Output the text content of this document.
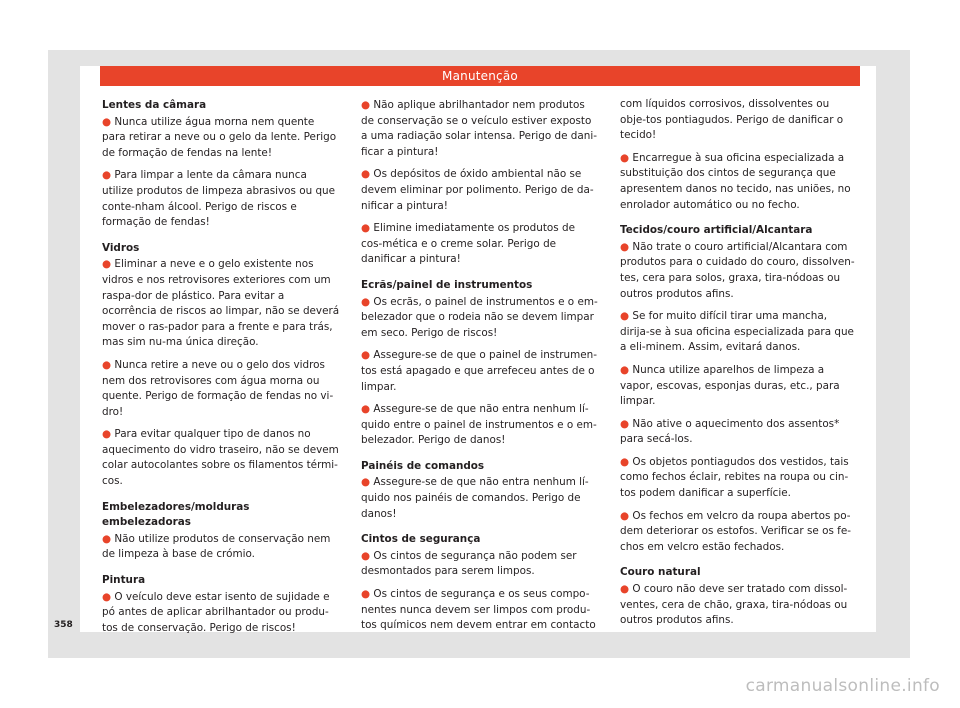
Manutenção
Lentes da câmara
● Nunca utilize água morna nem quente para retirar a neve ou o gelo da lente. Perigo de formação de fendas na lente!
● Para limpar a lente da câmara nunca utilize produtos de limpeza abrasivos ou que conte-nham álcool. Perigo de riscos e formação de fendas!
Vidros
● Eliminar a neve e o gelo existente nos vidros e nos retrovisores exteriores com um raspa-dor de plástico. Para evitar a ocorrência de riscos ao limpar, não se deverá mover o ras-pador para a frente e para trás, mas sim nu-ma única direção.
● Nunca retire a neve ou o gelo dos vidros nem dos retrovisores com água morna ou quente. Perigo de formação de fendas no vi-dro!
● Para evitar qualquer tipo de danos no aquecimento do vidro traseiro, não se devem colar autocolantes sobre os filamentos térmi-cos.
Embelezadores/molduras embelezadoras
● Não utilize produtos de conservação nem de limpeza à base de crómio.
Pintura
● O veículo deve estar isento de sujidade e pó antes de aplicar abrilhantador ou produ-tos de conservação. Perigo de riscos!
● Não aplique abrilhantador nem produtos de conservação se o veículo estiver exposto a uma radiação solar intensa. Perigo de dani-ficar a pintura!
● Os depósitos de óxido ambiental não se devem eliminar por polimento. Perigo de da-nificar a pintura!
● Elimine imediatamente os produtos de cos-mética e o creme solar. Perigo de danificar a pintura!
Ecrãs/painel de instrumentos
● Os ecrãs, o painel de instrumentos e o em-belezador que o rodeia não se devem limpar em seco. Perigo de riscos!
● Assegure-se de que o painel de instrumen-tos está apagado e que arrefeceu antes de o limpar.
● Assegure-se de que não entra nenhum lí-quido entre o painel de instrumentos e o em-belezador. Perigo de danos!
Painéis de comandos
● Assegure-se de que não entra nenhum lí-quido nos painéis de comandos. Perigo de danos!
Cintos de segurança
● Os cintos de segurança não podem ser desmontados para serem limpos.
● Os cintos de segurança e os seus compo-nentes nunca devem ser limpos com produ-tos químicos nem devem entrar em contacto
com líquidos corrosivos, dissolventes ou obje-tos pontiagudos. Perigo de danificar o tecido!
● Encarregue à sua oficina especializada a substituição dos cintos de segurança que apresentem danos no tecido, nas uniões, no enrolador automático ou no fecho.
Tecidos/couro artificial/Alcantara
● Não trate o couro artificial/Alcantara com produtos para o cuidado do couro, dissolven-tes, cera para solos, graxa, tira-nódoas ou outros produtos afins.
● Se for muito difícil tirar uma mancha, dirija-se à sua oficina especializada para que a eli-minem. Assim, evitará danos.
● Nunca utilize aparelhos de limpeza a vapor, escovas, esponjas duras, etc., para limpar.
● Não ative o aquecimento dos assentos* para secá-los.
● Os objetos pontiagudos dos vestidos, tais como fechos éclair, rebites na roupa ou cin-tos podem danificar a superfície.
● Os fechos em velcro da roupa abertos po-dem deteriorar os estofos. Verificar se os fe-chos em velcro estão fechados.
Couro natural
● O couro não deve ser tratado com dissol-ventes, cera de chão, graxa, tira-nódoas ou outros produtos afins.
358
carmanualsonline.info
